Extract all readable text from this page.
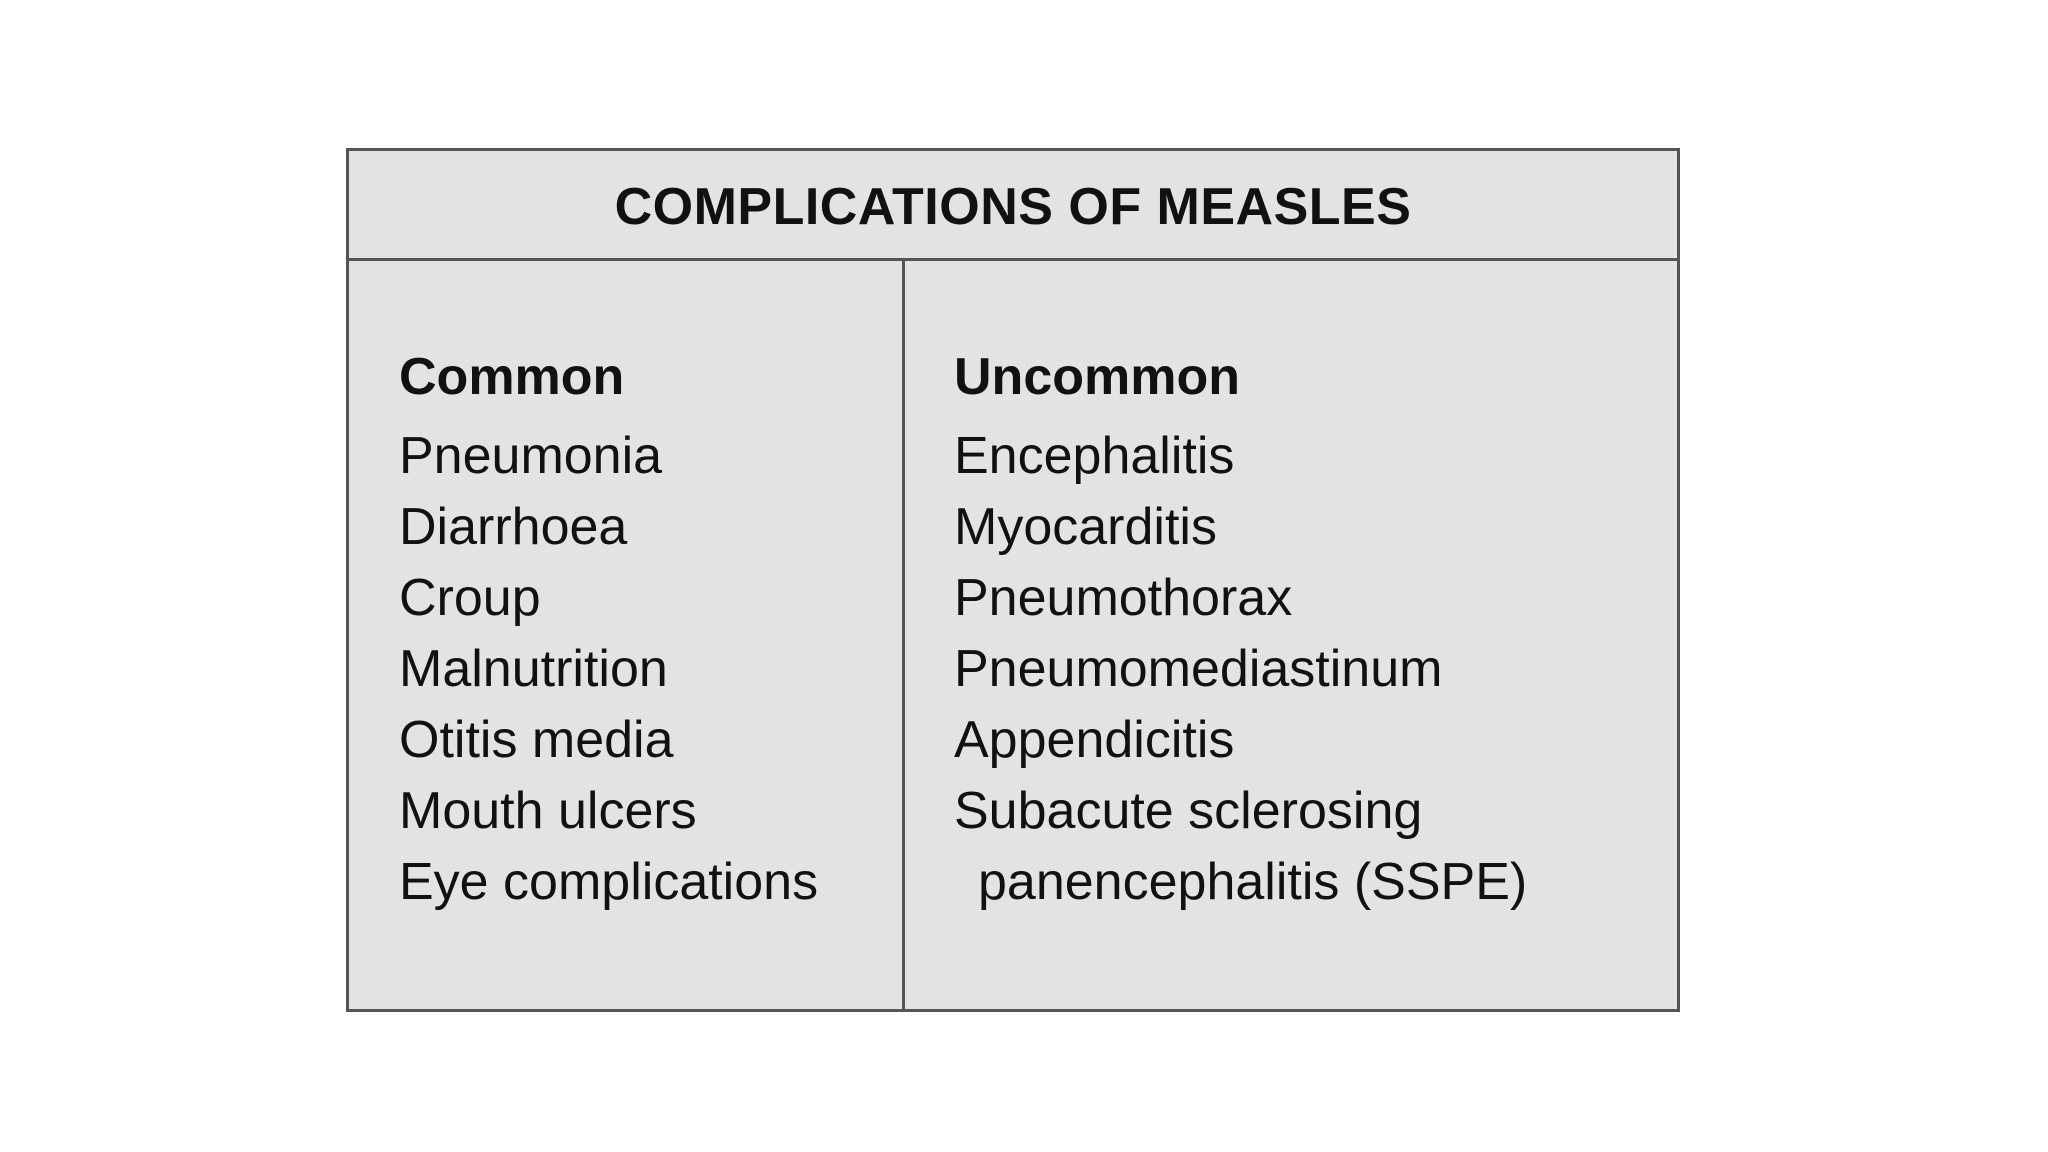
COMPLICATIONS OF MEASLES
Common
Pneumonia
Diarrhoea
Croup
Malnutrition
Otitis media
Mouth ulcers
Eye complications
Uncommon
Encephalitis
Myocarditis
Pneumothorax
Pneumomediastinum
Appendicitis
Subacute sclerosing
panencephalitis (SSPE)
